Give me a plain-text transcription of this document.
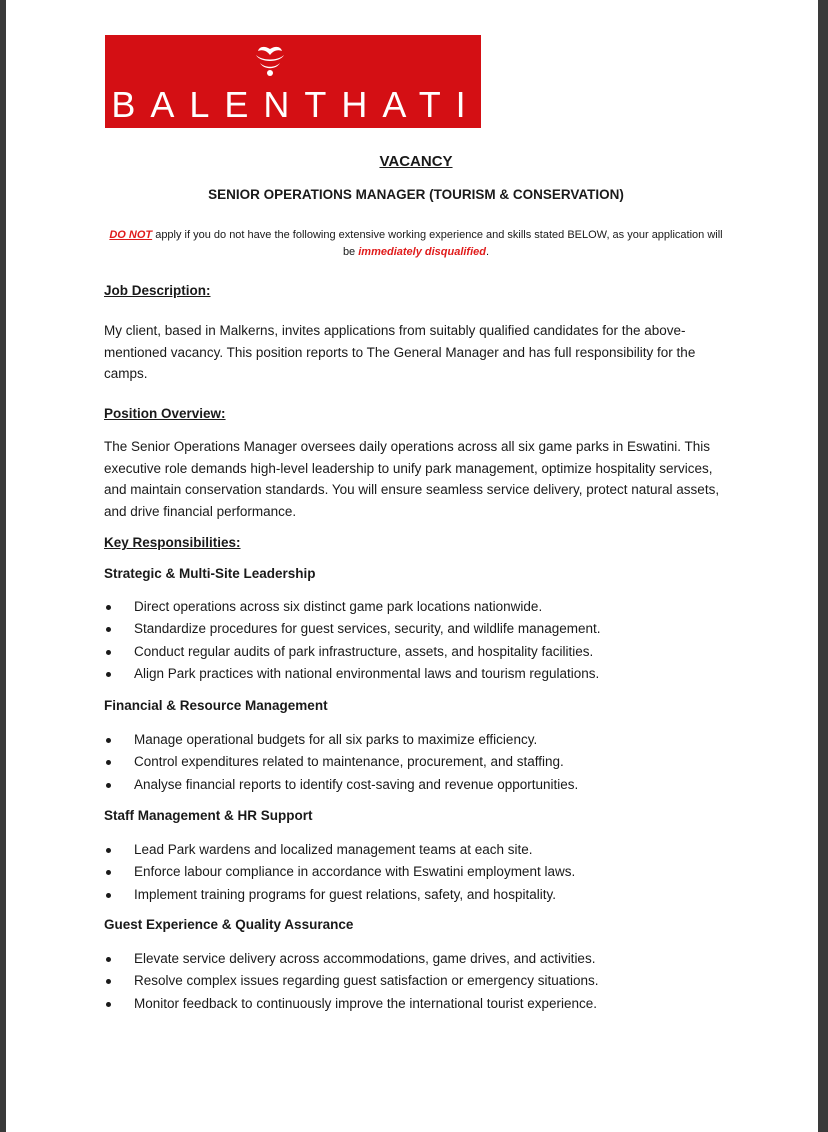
BALENTHATI
VACANCY
SENIOR OPERATIONS MANAGER (TOURISM & CONSERVATION)
DO NOT apply if you do not have the following extensive working experience and skills stated BELOW, as your application will be immediately disqualified.
Job Description:
My client, based in Malkerns, invites applications from suitably qualified candidates for the above-mentioned vacancy. This position reports to The General Manager and has full responsibility for the camps.
Position Overview:
The Senior Operations Manager oversees daily operations across all six game parks in Eswatini. This executive role demands high-level leadership to unify park management, optimize hospitality services, and maintain conservation standards. You will ensure seamless service delivery, protect natural assets, and drive financial performance.
Key Responsibilities:
Strategic & Multi-Site Leadership
Direct operations across six distinct game park locations nationwide.
Standardize procedures for guest services, security, and wildlife management.
Conduct regular audits of park infrastructure, assets, and hospitality facilities.
Align Park practices with national environmental laws and tourism regulations.
Financial & Resource Management
Manage operational budgets for all six parks to maximize efficiency.
Control expenditures related to maintenance, procurement, and staffing.
Analyse financial reports to identify cost-saving and revenue opportunities.
Staff Management & HR Support
Lead Park wardens and localized management teams at each site.
Enforce labour compliance in accordance with Eswatini employment laws.
Implement training programs for guest relations, safety, and hospitality.
Guest Experience & Quality Assurance
Elevate service delivery across accommodations, game drives, and activities.
Resolve complex issues regarding guest satisfaction or emergency situations.
Monitor feedback to continuously improve the international tourist experience.
